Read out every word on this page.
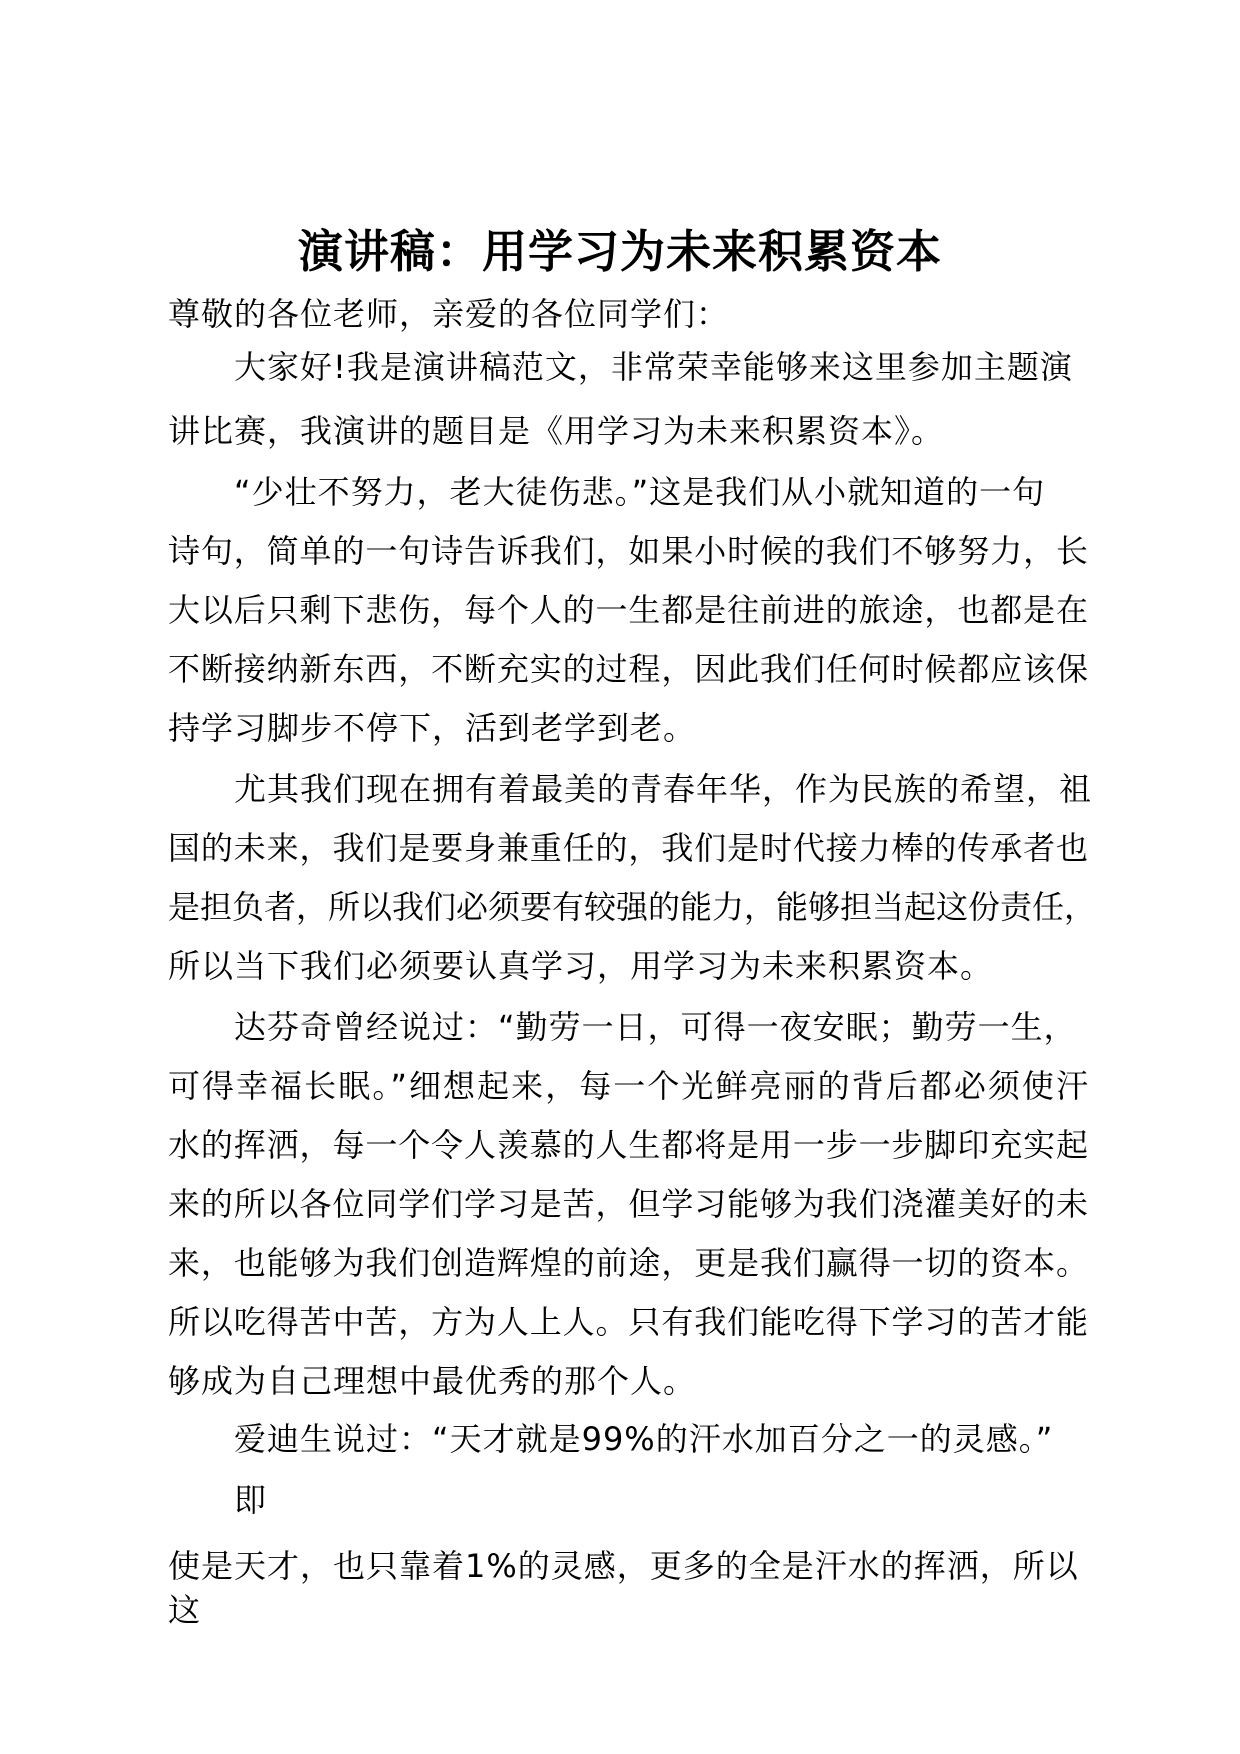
演讲稿：用学习为未来积累资本
尊敬的各位老师，亲爱的各位同学们：
大家好!我是演讲稿范文，非常荣幸能够来这里参加主题演
讲比赛，我演讲的题目是《用学习为未来积累资本》。
“少壮不努力，老大徒伤悲。”这是我们从小就知道的一句
诗句，简单的一句诗告诉我们，如果小时候的我们不够努力，长
大以后只剩下悲伤，每个人的一生都是往前进的旅途，也都是在
不断接纳新东西，不断充实的过程，因此我们任何时候都应该保
持学习脚步不停下，活到老学到老。
尤其我们现在拥有着最美的青春年华，作为民族的希望，祖
国的未来，我们是要身兼重任的，我们是时代接力棒的传承者也
是担负者，所以我们必须要有较强的能力，能够担当起这份责任，
所以当下我们必须要认真学习，用学习为未来积累资本。
达芬奇曾经说过：“勤劳一日，可得一夜安眠；勤劳一生，
可得幸福长眠。”细想起来，每一个光鲜亮丽的背后都必须使汗
水的挥洒，每一个令人羡慕的人生都将是用一步一步脚印充实起
来的所以各位同学们学习是苦，但学习能够为我们浇灌美好的未
来，也能够为我们创造辉煌的前途，更是我们赢得一切的资本。
所以吃得苦中苦，方为人上人。只有我们能吃得下学习的苦才能
够成为自己理想中最优秀的那个人。
爱迪生说过：“天才就是99%的汗水加百分之一的灵感。”
即
使是天才，也只靠着1%的灵感，更多的全是汗水的挥洒，所以
这
